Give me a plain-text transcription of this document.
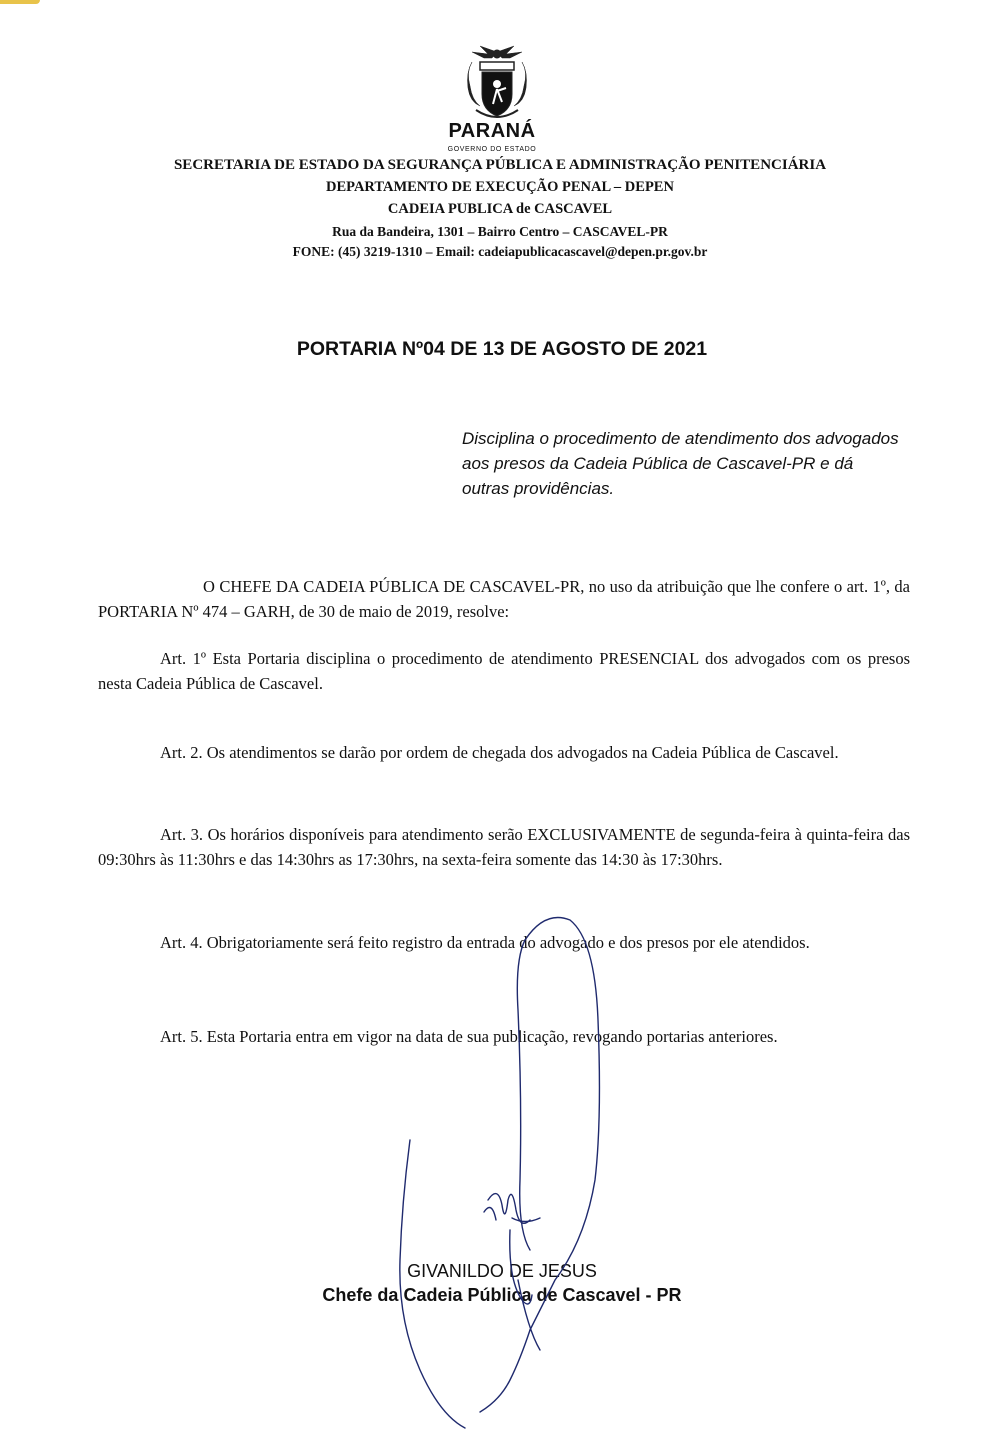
PARANÁ
GOVERNO DO ESTADO
SECRETARIA DE ESTADO DA SEGURANÇA PÚBLICA E ADMINISTRAÇÃO PENITENCIÁRIA
DEPARTAMENTO DE EXECUÇÃO PENAL – DEPEN
CADEIA PUBLICA de CASCAVEL
Rua da Bandeira, 1301 – Bairro Centro – CASCAVEL-PR
FONE: (45) 3219-1310 – Email: cadeiapublicacascavel@depen.pr.gov.br
PORTARIA Nº04 DE 13 DE AGOSTO DE 2021
Disciplina o procedimento de atendimento dos advogados aos presos da Cadeia Pública de Cascavel-PR e dá outras providências.

O CHEFE DA CADEIA PÚBLICA DE CASCAVEL-PR, no uso da atribuição que lhe confere o art. 1º, da PORTARIA Nº 474 – GARH, de 30 de maio de 2019, resolve:

Art. 1º Esta Portaria disciplina o procedimento de atendimento PRESENCIAL dos advogados com os presos nesta Cadeia Pública de Cascavel.

Art. 2. Os atendimentos se darão por ordem de chegada dos advogados na Cadeia Pública de Cascavel.

Art. 3. Os horários disponíveis para atendimento serão EXCLUSIVAMENTE de segunda-feira à quinta-feira das 09:30hrs às 11:30hrs e das 14:30hrs as 17:30hrs, na sexta-feira somente das 14:30 às 17:30hrs.

Art. 4. Obrigatoriamente será feito registro da entrada do advogado e dos presos por ele atendidos.

Art. 5. Esta Portaria entra em vigor na data de sua publicação, revogando portarias anteriores.

GIVANILDO DE JESUS
Chefe da Cadeia Pública de Cascavel - PR
